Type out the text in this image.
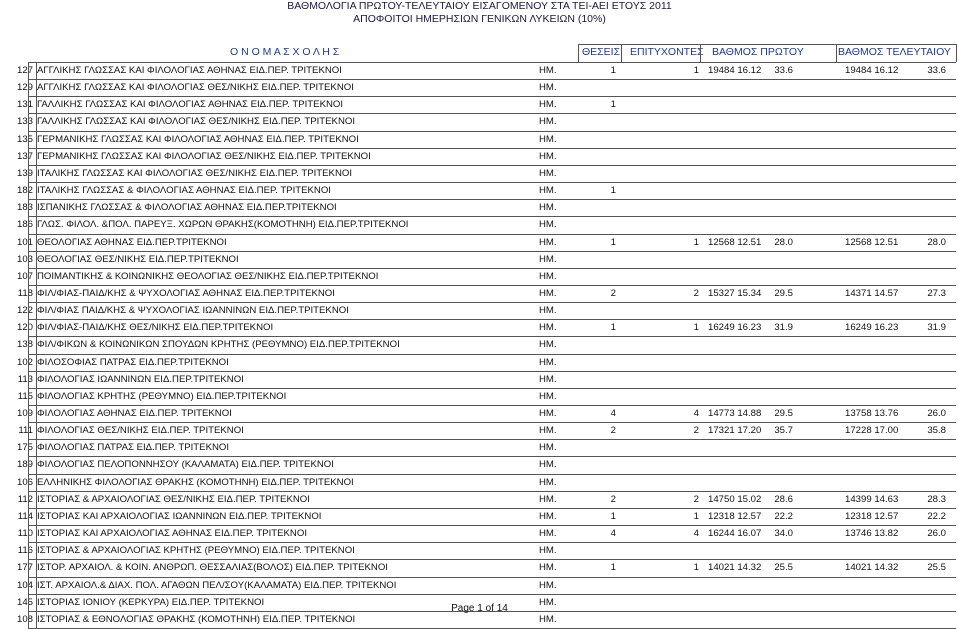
ΒΑΘΜΟΛΟΓΙΑ ΠΡΩΤΟΥ-ΤΕΛΕΥΤΑΙΟΥ ΕΙΣΑΓΟΜΕΝΟΥ ΣΤΑ ΤΕΙ-ΑΕΙ ΕΤΟΥΣ 2011
ΑΠΟΦΟΙΤΟΙ ΗΜΕΡΗΣΙΩΝ ΓΕΝΙΚΩΝ ΛΥΚΕΙΩΝ (10%)
Ο Ν Ο Μ Α Σ Χ Ο Λ Η Σ	ΘΕΣΕΙΣ ΕΠΙΤΥΧΟΝΤΕΣ ΒΑΘΜΟΣ ΠΡΩΤΟΥ	ΒΑΘΜΟΣ ΤΕΛΕΥΤΑΙΟΥ
127 ΑΓΓΛΙΚΗΣ ΓΛΩΣΣΑΣ ΚΑΙ ΦΙΛΟΛΟΓΙΑΣ ΑΘΗΝΑΣ ΕΙΔ.ΠΕΡ. ΤΡΙΤΕΚΝΟΙ	ΗΜ.	1	1 19484 16.12	33.6	19484 16.12	33.6
129 ΑΓΓΛΙΚΗΣ ΓΛΩΣΣΑΣ ΚΑΙ ΦΙΛΟΛΟΓΙΑΣ ΘΕΣ/ΝΙΚΗΣ ΕΙΔ.ΠΕΡ. ΤΡΙΤΕΚΝΟΙ	ΗΜ.
131 ΓΑΛΛΙΚΗΣ ΓΛΩΣΣΑΣ ΚΑΙ ΦΙΛΟΛΟΓΙΑΣ ΑΘΗΝΑΣ ΕΙΔ.ΠΕΡ. ΤΡΙΤΕΚΝΟΙ	ΗΜ.	1
133 ΓΑΛΛΙΚΗΣ ΓΛΩΣΣΑΣ ΚΑΙ ΦΙΛΟΛΟΓΙΑΣ ΘΕΣ/ΝΙΚΗΣ ΕΙΔ.ΠΕΡ. ΤΡΙΤΕΚΝΟΙ	ΗΜ.
135 ΓΕΡΜΑΝΙΚΗΣ ΓΛΩΣΣΑΣ ΚΑΙ ΦΙΛΟΛΟΓΙΑΣ ΑΘΗΝΑΣ ΕΙΔ.ΠΕΡ. ΤΡΙΤΕΚΝΟΙ	ΗΜ.
137 ΓΕΡΜΑΝΙΚΗΣ ΓΛΩΣΣΑΣ ΚΑΙ ΦΙΛΟΛΟΓΙΑΣ ΘΕΣ/ΝΙΚΗΣ ΕΙΔ.ΠΕΡ. ΤΡΙΤΕΚΝΟΙ	ΗΜ.
139 ΙΤΑΛΙΚΗΣ ΓΛΩΣΣΑΣ ΚΑΙ ΦΙΛΟΛΟΓΙΑΣ ΘΕΣ/ΝΙΚΗΣ ΕΙΔ.ΠΕΡ. ΤΡΙΤΕΚΝΟΙ	ΗΜ.
182 ΙΤΑΛΙΚΗΣ ΓΛΩΣΣΑΣ & ΦΙΛΟΛΟΓΙΑΣ ΑΘΗΝΑΣ ΕΙΔ.ΠΕΡ. ΤΡΙΤΕΚΝΟΙ	ΗΜ.	1
183 ΙΣΠΑΝΙΚΗΣ ΓΛΩΣΣΑΣ & ΦΙΛΟΛΟΓΙΑΣ ΑΘΗΝΑΣ ΕΙΔ.ΠΕΡ.ΤΡΙΤΕΚΝΟΙ	ΗΜ.
186 ΓΛΩΣ. ΦΙΛΟΛ. &ΠΟΛ. ΠΑΡΕΥΞ. ΧΩΡΩΝ ΘΡΑΚΗΣ(ΚΟΜΟΤΗΝΗ) ΕΙΔ.ΠΕΡ.ΤΡΙΤΕΚΝΟΙ	ΗΜ.
101 ΘΕΟΛΟΓΙΑΣ ΑΘΗΝΑΣ ΕΙΔ.ΠΕΡ.ΤΡΙΤΕΚΝΟΙ	ΗΜ.	1	1 12568 12.51	28.0	12568 12.51	28.0
103 ΘΕΟΛΟΓΙΑΣ ΘΕΣ/ΝΙΚΗΣ ΕΙΔ.ΠΕΡ.ΤΡΙΤΕΚΝΟΙ	ΗΜ.
107 ΠΟΙΜΑΝΤΙΚΗΣ & ΚΟΙΝΩΝΙΚΗΣ ΘΕΟΛΟΓΙΑΣ ΘΕΣ/ΝΙΚΗΣ ΕΙΔ.ΠΕΡ.ΤΡΙΤΕΚΝΟΙ	ΗΜ.
118 ΦΙΛ/ΦΙΑΣ-ΠΑΙΔ/ΚΗΣ & ΨΥΧΟΛΟΓΙΑΣ ΑΘΗΝΑΣ ΕΙΔ.ΠΕΡ.ΤΡΙΤΕΚΝΟΙ	ΗΜ.	2	2 15327 15.34	29.5	14371 14.57	27.3
122 ΦΙΛ/ΦΙΑΣ ΠΑΙΔ/ΚΗΣ & ΨΥΧΟΛΟΓΙΑΣ ΙΩΑΝΝΙΝΩΝ ΕΙΔ.ΠΕΡ.ΤΡΙΤΕΚΝΟΙ	ΗΜ.
120 ΦΙΛ/ΦΙΑΣ-ΠΑΙΔ/ΚΗΣ ΘΕΣ/ΝΙΚΗΣ ΕΙΔ.ΠΕΡ.ΤΡΙΤΕΚΝΟΙ	ΗΜ.	1	1 16249 16.23	31.9	16249 16.23	31.9
138 ΦΙΛ/ΦΙΚΩΝ & ΚΟΙΝΩΝΙΚΩΝ ΣΠΟΥΔΩΝ ΚΡΗΤΗΣ (ΡΕΘΥΜΝΟ) ΕΙΔ.ΠΕΡ.ΤΡΙΤΕΚΝΟΙ	ΗΜ.
102 ΦΙΛΟΣΟΦΙΑΣ ΠΑΤΡΑΣ ΕΙΔ.ΠΕΡ.ΤΡΙΤΕΚΝΟΙ	ΗΜ.
113 ΦΙΛΟΛΟΓΙΑΣ ΙΩΑΝΝΙΝΩΝ ΕΙΔ.ΠΕΡ.ΤΡΙΤΕΚΝΟΙ	ΗΜ.
115 ΦΙΛΟΛΟΓΙΑΣ ΚΡΗΤΗΣ (ΡΕΘΥΜΝΟ) ΕΙΔ.ΠΕΡ.ΤΡΙΤΕΚΝΟΙ	ΗΜ.
109 ΦΙΛΟΛΟΓΙΑΣ ΑΘΗΝΑΣ ΕΙΔ.ΠΕΡ. ΤΡΙΤΕΚΝΟΙ	ΗΜ.	4	4 14773 14.88	29.5	13758 13.76	26.0
111 ΦΙΛΟΛΟΓΙΑΣ ΘΕΣ/ΝΙΚΗΣ ΕΙΔ.ΠΕΡ. ΤΡΙΤΕΚΝΟΙ	ΗΜ.	2	2 17321 17.20	35.7	17228 17.00	35.8
175 ΦΙΛΟΛΟΓΙΑΣ ΠΑΤΡΑΣ ΕΙΔ.ΠΕΡ. ΤΡΙΤΕΚΝΟΙ	ΗΜ.
189 ΦΙΛΟΛΟΓΙΑΣ ΠΕΛΟΠΟΝΝΗΣΟΥ (ΚΑΛΑΜΑΤΑ) ΕΙΔ.ΠΕΡ. ΤΡΙΤΕΚΝΟΙ	ΗΜ.
106 ΕΛΛΗΝΙΚΗΣ ΦΙΛΟΛΟΓΙΑΣ ΘΡΑΚΗΣ (ΚΟΜΟΤΗΝΗ) ΕΙΔ.ΠΕΡ. ΤΡΙΤΕΚΝΟΙ	ΗΜ.
112 ΙΣΤΟΡΙΑΣ & ΑΡΧΑΙΟΛΟΓΙΑΣ ΘΕΣ/ΝΙΚΗΣ ΕΙΔ.ΠΕΡ. ΤΡΙΤΕΚΝΟΙ	ΗΜ.	2	2 14750 15.02	28.6	14399 14.63	28.3
114 ΙΣΤΟΡΙΑΣ ΚΑΙ ΑΡΧΑΙΟΛΟΓΙΑΣ ΙΩΑΝΝΙΝΩΝ ΕΙΔ.ΠΕΡ. ΤΡΙΤΕΚΝΟΙ	ΗΜ.	1	1 12318 12.57	22.2	12318 12.57	22.2
110 ΙΣΤΟΡΙΑΣ ΚΑΙ ΑΡΧΑΙΟΛΟΓΙΑΣ ΑΘΗΝΑΣ ΕΙΔ.ΠΕΡ. ΤΡΙΤΕΚΝΟΙ	ΗΜ.	4	4 16244 16.07	34.0	13746 13.82	26.0
116 ΙΣΤΟΡΙΑΣ & ΑΡΧΑΙΟΛΟΓΙΑΣ ΚΡΗΤΗΣ (ΡΕΘΥΜΝΟ) ΕΙΔ.ΠΕΡ. ΤΡΙΤΕΚΝΟΙ	ΗΜ.
177 ΙΣΤΟΡ. ΑΡΧΑΙΟΛ. & ΚΟΙΝ. ΑΝΘΡΩΠ. ΘΕΣΣΑΛΙΑΣ(ΒΟΛΟΣ) ΕΙΔ.ΠΕΡ. ΤΡΙΤΕΚΝΟΙ	ΗΜ.	1	1 14021 14.32	25.5	14021 14.32	25.5
104 ΙΣΤ. ΑΡΧΑΙΟΛ.& ΔΙΑΧ. ΠΟΛ. ΑΓΑΘΩΝ ΠΕΛ/ΣΟΥ(ΚΑΛΑΜΑΤΑ) ΕΙΔ.ΠΕΡ. ΤΡΙΤΕΚΝΟΙ	ΗΜ.
145 ΙΣΤΟΡΙΑΣ ΙΟΝΙΟΥ (ΚΕΡΚΥΡΑ) ΕΙΔ.ΠΕΡ. ΤΡΙΤΕΚΝΟΙ	ΗΜ.
108 ΙΣΤΟΡΙΑΣ & ΕΘΝΟΛΟΓΙΑΣ ΘΡΑΚΗΣ (ΚΟΜΟΤΗΝΗ) ΕΙΔ.ΠΕΡ. ΤΡΙΤΕΚΝΟΙ	ΗΜ.
Page 1 of 14
